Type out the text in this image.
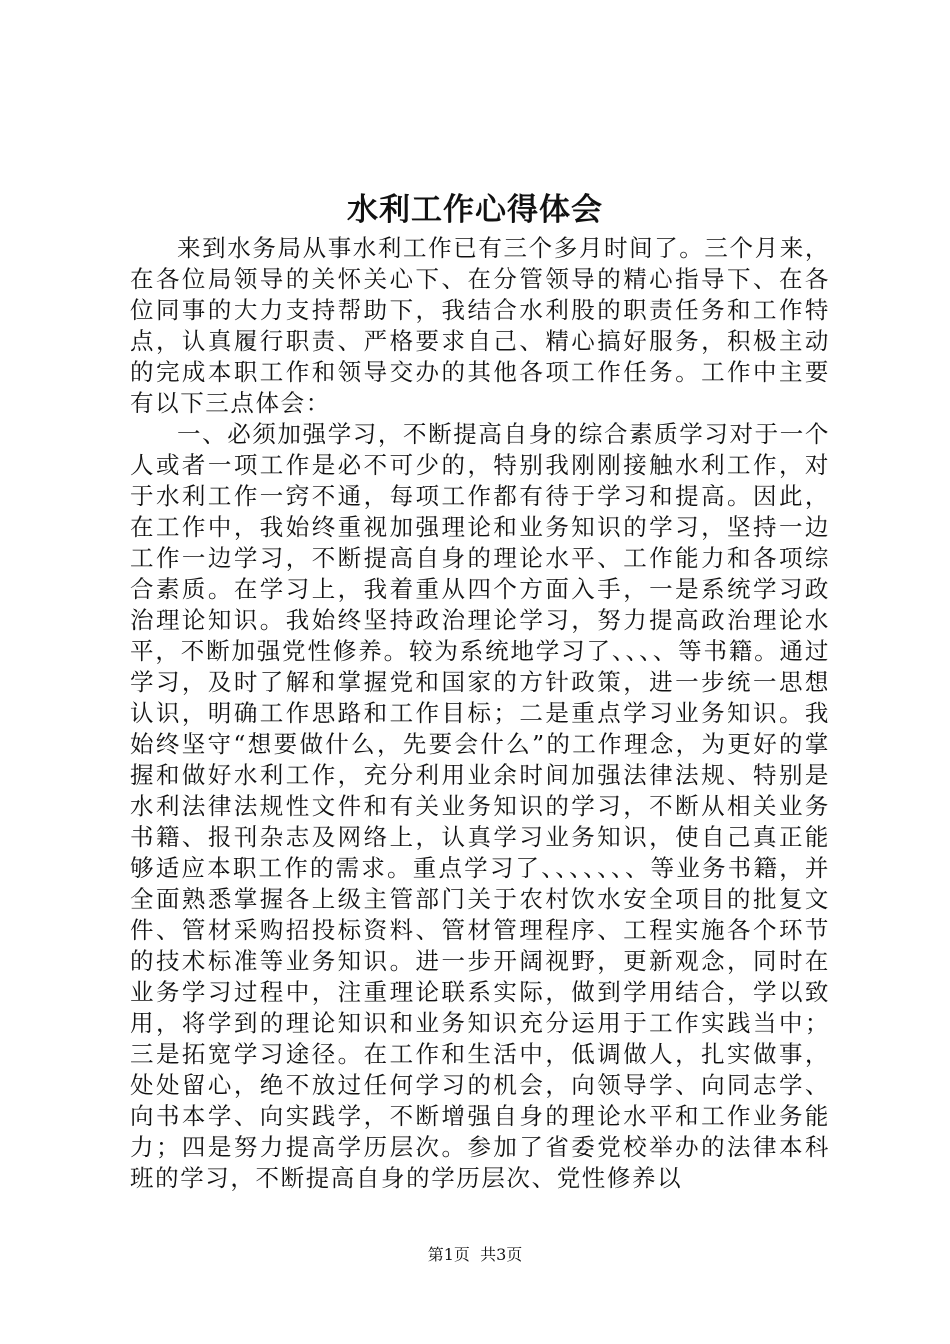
水利工作心得体会

来到水务局从事水利工作已有三个多月时间了。三个月来，在各位局领导的关怀关心下、在分管领导的精心指导下、在各位同事的大力支持帮助下，我结合水利股的职责任务和工作特点，认真履行职责、严格要求自己、精心搞好服务，积极主动的完成本职工作和领导交办的其他各项工作任务。工作中主要有以下三点体会：

一、必须加强学习，不断提高自身的综合素质学习对于一个人或者一项工作是必不可少的，特别我刚刚接触水利工作，对于水利工作一窍不通，每项工作都有待于学习和提高。因此，在工作中，我始终重视加强理论和业务知识的学习，坚持一边工作一边学习，不断提高自身的理论水平、工作能力和各项综合素质。在学习上，我着重从四个方面入手，一是系统学习政治理论知识。我始终坚持政治理论学习，努力提高政治理论水平，不断加强党性修养。较为系统地学习了、、、、等书籍。通过学习，及时了解和掌握党和国家的方针政策，进一步统一思想认识，明确工作思路和工作目标；二是重点学习业务知识。我始终坚守“想要做什么，先要会什么”的工作理念，为更好的掌握和做好水利工作，充分利用业余时间加强法律法规、特别是水利法律法规性文件和有关业务知识的学习，不断从相关业务书籍、报刊杂志及网络上，认真学习业务知识，使自己真正能够适应本职工作的需求。重点学习了、、、、、、、等业务书籍，并全面熟悉掌握各上级主管部门关于农村饮水安全项目的批复文件、管材采购招投标资料、管材管理程序、工程实施各个环节的技术标准等业务知识。进一步开阔视野，更新观念，同时在业务学习过程中，注重理论联系实际，做到学用结合，学以致用，将学到的理论知识和业务知识充分运用于工作实践当中；三是拓宽学习途径。在工作和生活中，低调做人，扎实做事，处处留心，绝不放过任何学习的机会，向领导学、向同志学、向书本学、向实践学，不断增强自身的理论水平和工作业务能力；四是努力提高学历层次。参加了省委党校举办的法律本科班的学习，不断提高自身的学历层次、党性修养以

第1页 共3页
